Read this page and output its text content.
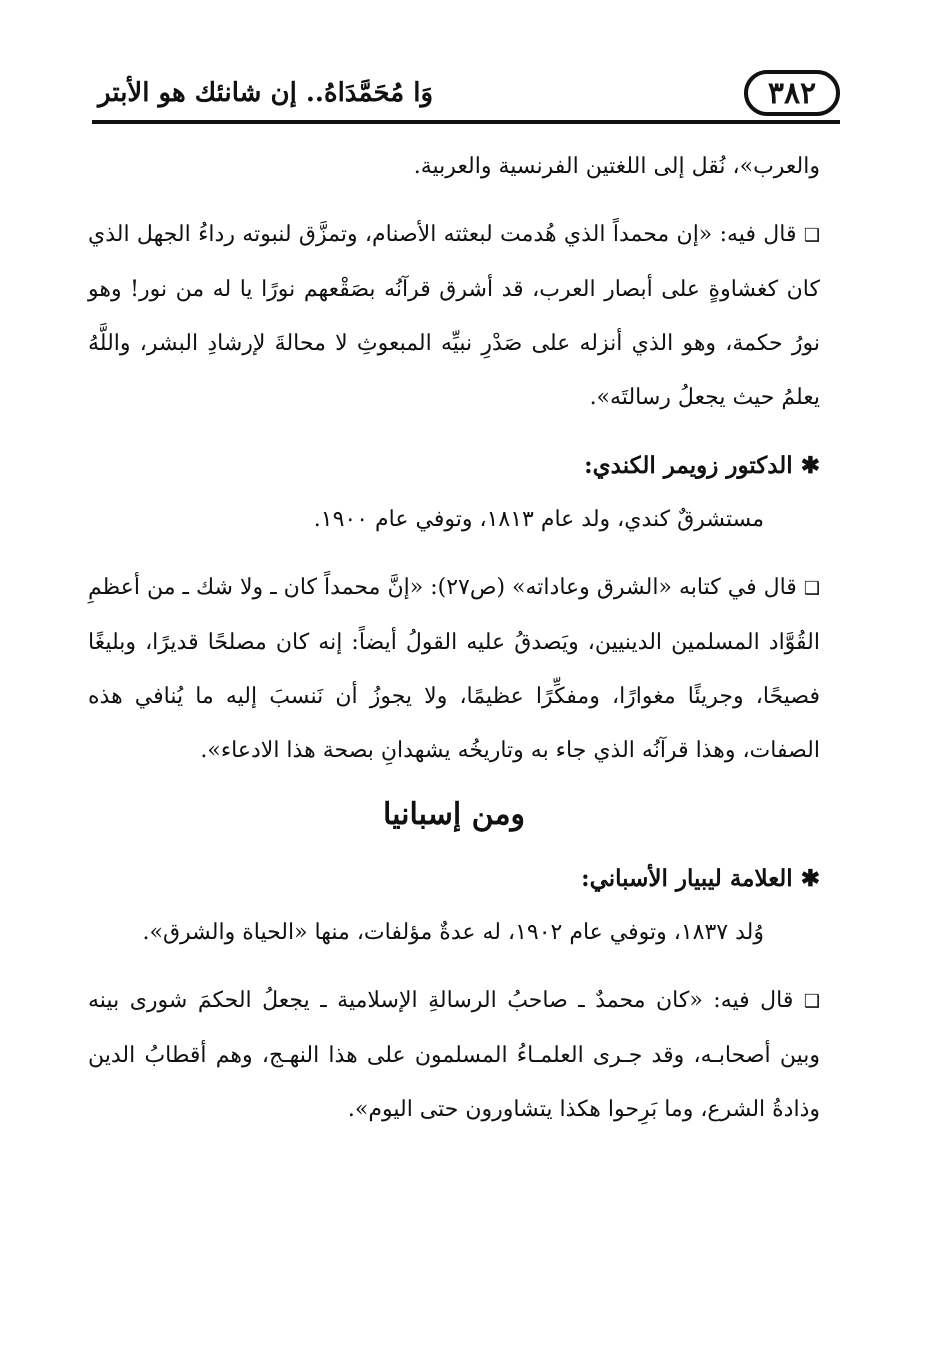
٣٨٢
وَا مُحَمَّدَاهُ.. إن شانئك هو الأبتر

والعرب»، نُقل إلى اللغتين الفرنسية والعربية.

❑ قال فيه: «إن محمداً الذي هُدمت لبعثته الأصنام، وتمزَّق لنبوته رداءُ الجهل الذي كان كغشاوةٍ على أبصار العرب، قد أشرق قرآنُه بصَقْعهم نورًا يا له من نور! وهو نورُ حكمة، وهو الذي أنزله على صَدْرِ نبيِّه المبعوثِ لا محالةَ لإرشادِ البشر، واللَّهُ يعلمُ حيث يجعلُ رسالتَه».

✱ الدكتور زويمر الكندي:

مستشرقٌ كندي، ولد عام ١٨١٣، وتوفي عام ١٩٠٠.

❑ قال في كتابه «الشرق وعاداته» (ص٢٧): «إنَّ محمداً كان ـ ولا شك ـ من أعظمِ القُوَّاد المسلمين الدينيين، ويَصدقُ عليه القولُ أيضاً: إنه كان مصلحًا قديرًا، وبليغًا فصيحًا، وجريئًا مغوارًا، ومفكِّرًا عظيمًا، ولا يجوزُ أن نَنسبَ إليه ما يُنافي هذه الصفات، وهذا قرآنُه الذي جاء به وتاريخُه يشهدانِ بصحة هذا الادعاء».

ومن إسبانيا

✱ العلامة ليبيار الأسباني:

وُلد ١٨٣٧، وتوفي عام ١٩٠٢، له عدةٌ مؤلفات، منها «الحياة والشرق».

❑ قال فيه: «كان محمدٌ ـ صاحبُ الرسالةِ الإسلامية ـ يجعلُ الحكمَ شورى بينه وبين أصحابـه، وقد جـرى العلمـاءُ المسلمون على هذا النهـج، وهم أقطابُ الدين وذادةُ الشرع، وما بَرِحوا هكذا يتشاورون حتى اليوم».
